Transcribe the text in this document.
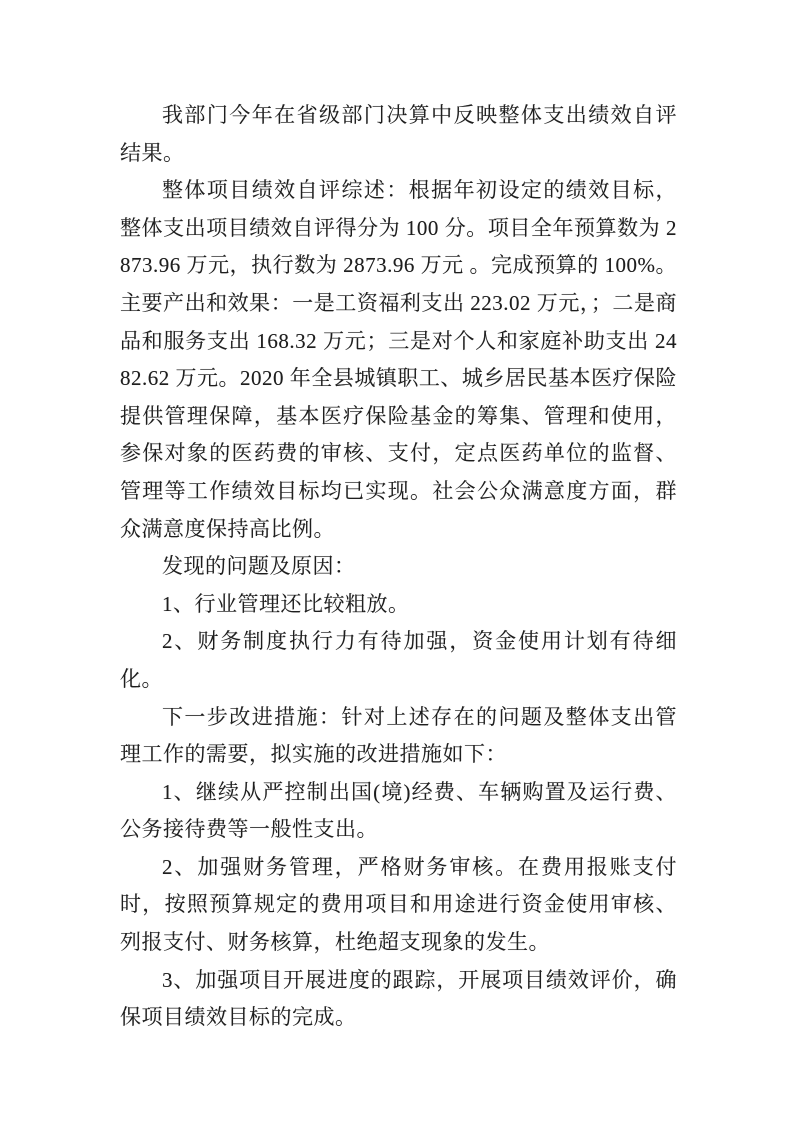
我部门今年在省级部门决算中反映整体支出绩效自评结果。

整体项目绩效自评综述：根据年初设定的绩效目标，整体支出项目绩效自评得分为 100 分。项目全年预算数为 2873.96 万元，执行数为 2873.96 万元 。完成预算的 100%。主要产出和效果：一是工资福利支出 223.02 万元，；二是商品和服务支出 168.32 万元；三是对个人和家庭补助支出 2482.62 万元。2020 年全县城镇职工、城乡居民基本医疗保险提供管理保障，基本医疗保险基金的筹集、管理和使用，参保对象的医药费的审核、支付，定点医药单位的监督、管理等工作绩效目标均已实现。社会公众满意度方面，群众满意度保持高比例。

发现的问题及原因：

1、行业管理还比较粗放。

2、财务制度执行力有待加强，资金使用计划有待细化。

下一步改进措施：针对上述存在的问题及整体支出管理工作的需要，拟实施的改进措施如下：

1、继续从严控制出国(境)经费、车辆购置及运行费、公务接待费等一般性支出。

2、加强财务管理，严格财务审核。在费用报账支付时，按照预算规定的费用项目和用途进行资金使用审核、列报支付、财务核算，杜绝超支现象的发生。

3、加强项目开展进度的跟踪，开展项目绩效评价，确保项目绩效目标的完成。
